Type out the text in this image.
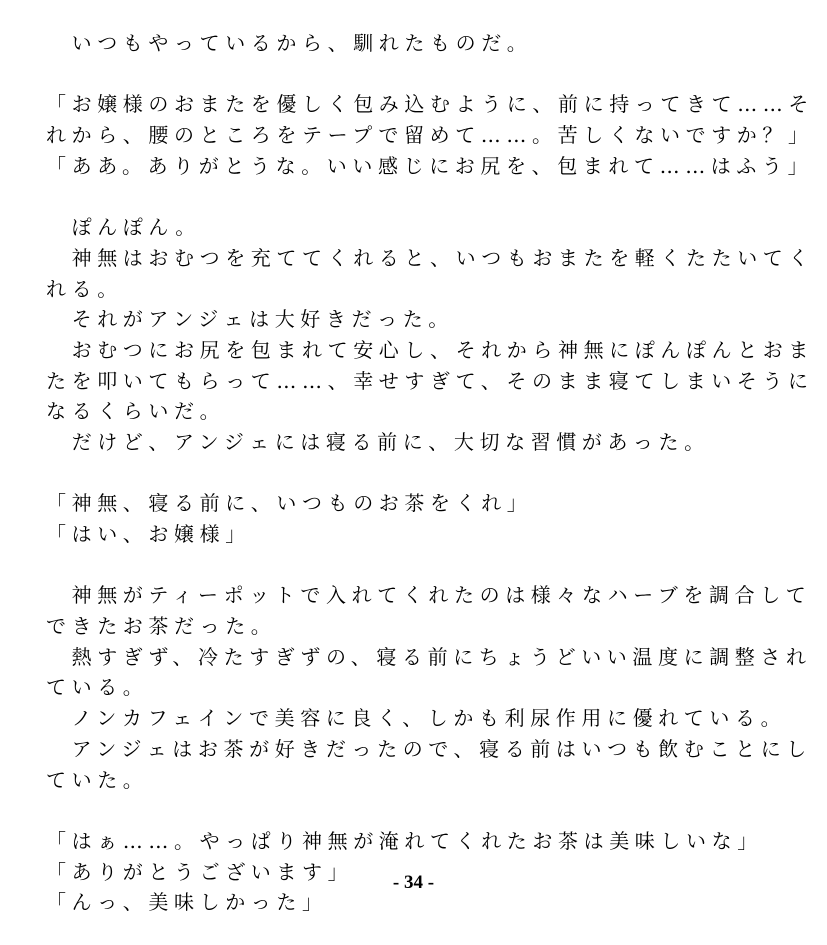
　いつもやっているから、馴れたものだ。
「お嬢様のおまたを優しく包み込むように、前に持ってきて……そ
れから、腰のところをテープで留めて……。苦しくないですか？」
「ああ。ありがとうな。いい感じにお尻を、包まれて……はふう」
　ぽんぽん。
　神無はおむつを充ててくれると、いつもおまたを軽くたたいてく
れる。
　それがアンジェは大好きだった。
　おむつにお尻を包まれて安心し、それから神無にぽんぽんとおま
たを叩いてもらって……、幸せすぎて、そのまま寝てしまいそうに
なるくらいだ。
　だけど、アンジェには寝る前に、大切な習慣があった。
「神無、寝る前に、いつものお茶をくれ」
「はい、お嬢様」
　神無がティーポットで入れてくれたのは様々なハーブを調合して
できたお茶だった。
　熱すぎず、冷たすぎずの、寝る前にちょうどいい温度に調整され
ている。
　ノンカフェインで美容に良く、しかも利尿作用に優れている。
　アンジェはお茶が好きだったので、寝る前はいつも飲むことにし
ていた。
「はぁ……。やっぱり神無が淹れてくれたお茶は美味しいな」
「ありがとうございます」
「んっ、美味しかった」
- 34 -
